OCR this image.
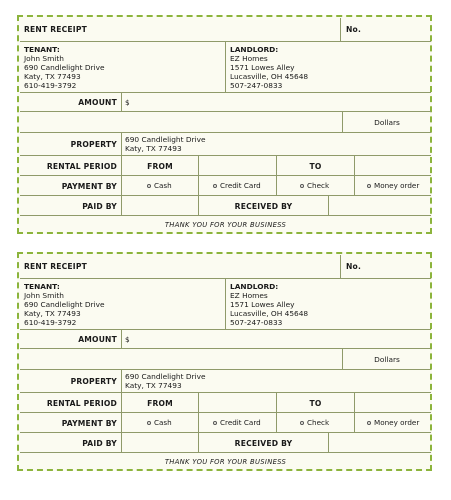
RENT RECEIPT	No.
TENANT:
John Smith
690 Candlelight Drive
Katy, TX 77493
610-419-3792
LANDLORD:
EZ Homes
1571 Lowes Alley
Lucasville, OH 45648
507-247-0833
AMOUNT $
Dollars
PROPERTY
690 Candlelight Drive
Katy, TX 77493
RENTAL PERIOD	FROM	TO
PAYMENT BY	Cash	Credit Card	Check	Money order
PAID BY	RECEIVED BY
THANK YOU FOR YOUR BUSINESS
RENT RECEIPT	No.
TENANT:
John Smith
690 Candlelight Drive
Katy, TX 77493
610-419-3792
LANDLORD:
EZ Homes
1571 Lowes Alley
Lucasville, OH 45648
507-247-0833
AMOUNT $
Dollars
PROPERTY
690 Candlelight Drive
Katy, TX 77493
RENTAL PERIOD	FROM	TO
PAYMENT BY	Cash	Credit Card	Check	Money order
PAID BY	RECEIVED BY
THANK YOU FOR YOUR BUSINESS
